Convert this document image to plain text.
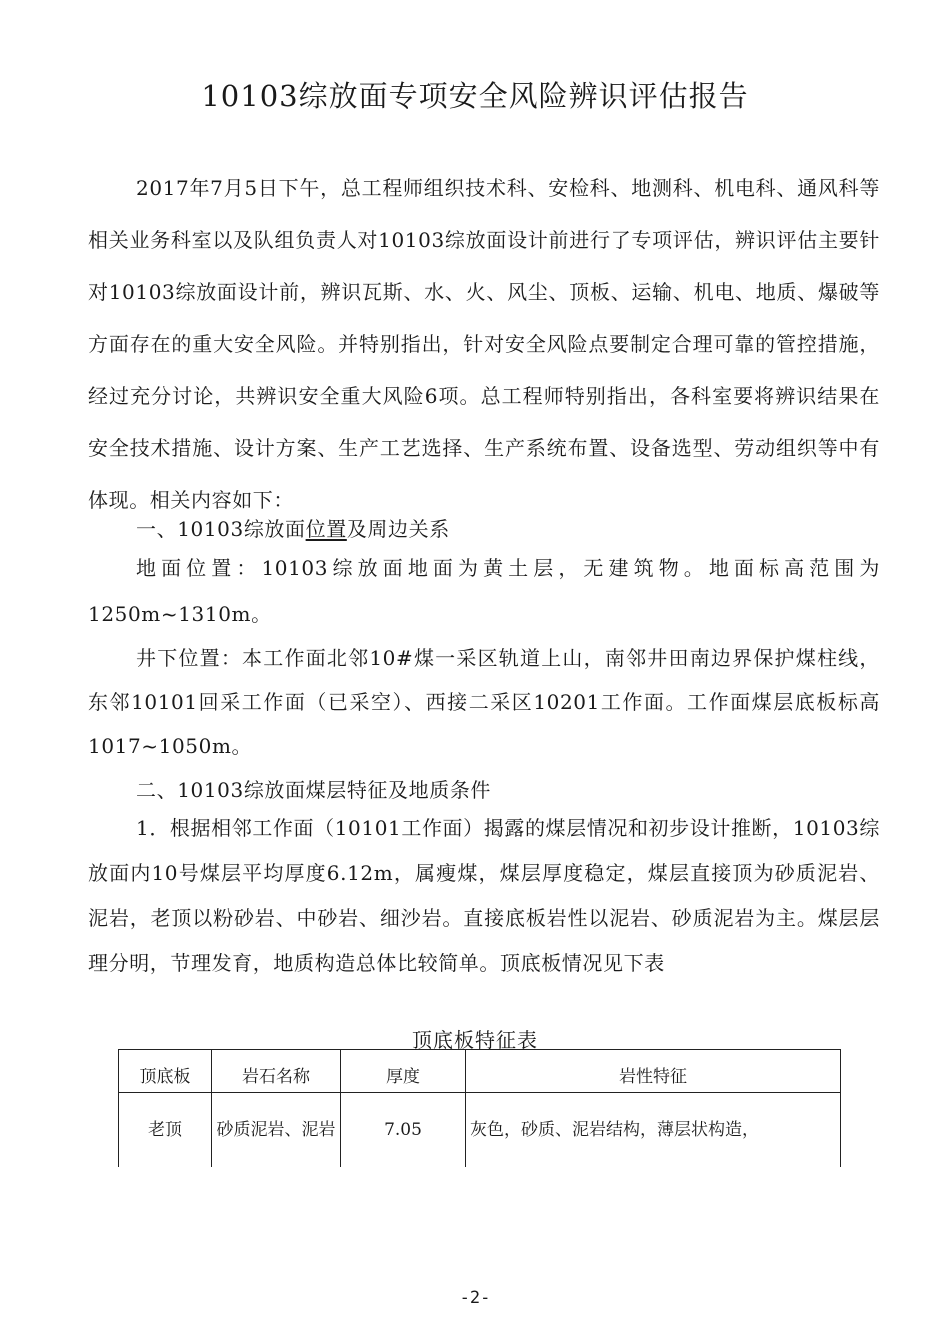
10103综放面专项安全风险辨识评估报告

2017年7月5日下午，总工程师组织技术科、安检科、地测科、机电科、通风科等相关业务科室以及队组负责人对10103综放面设计前进行了专项评估，辨识评估主要针对10103综放面设计前，辨识瓦斯、水、火、风尘、顶板、运输、机电、地质、爆破等方面存在的重大安全风险。并特别指出，针对安全风险点要制定合理可靠的管控措施，经过充分讨论，共辨识安全重大风险6项。总工程师特别指出，各科室要将辨识结果在安全技术措施、设计方案、生产工艺选择、生产系统布置、设备选型、劳动组织等中有体现。相关内容如下：

一、10103综放面位置及周边关系

地面位置：10103综放面地面为黄土层，无建筑物。地面标高范围为1250m~1310m。

井下位置：本工作面北邻10#煤一采区轨道上山，南邻井田南边界保护煤柱线，东邻10101回采工作面（已采空）、西接二采区10201工作面。工作面煤层底板标高1017~1050m。

二、10103综放面煤层特征及地质条件

1．根据相邻工作面（10101工作面）揭露的煤层情况和初步设计推断，10103综放面内10号煤层平均厚度6.12m，属瘦煤，煤层厚度稳定，煤层直接顶为砂质泥岩、泥岩，老顶以粉砂岩、中砂岩、细沙岩。直接底板岩性以泥岩、砂质泥岩为主。煤层层理分明，节理发育，地质构造总体比较简单。顶底板情况见下表

顶底板特征表
顶底板	岩石名称	厚度	岩性特征
老顶	砂质泥岩、泥岩	7.05	灰色，砂质、泥岩结构，薄层状构造，
-2-
